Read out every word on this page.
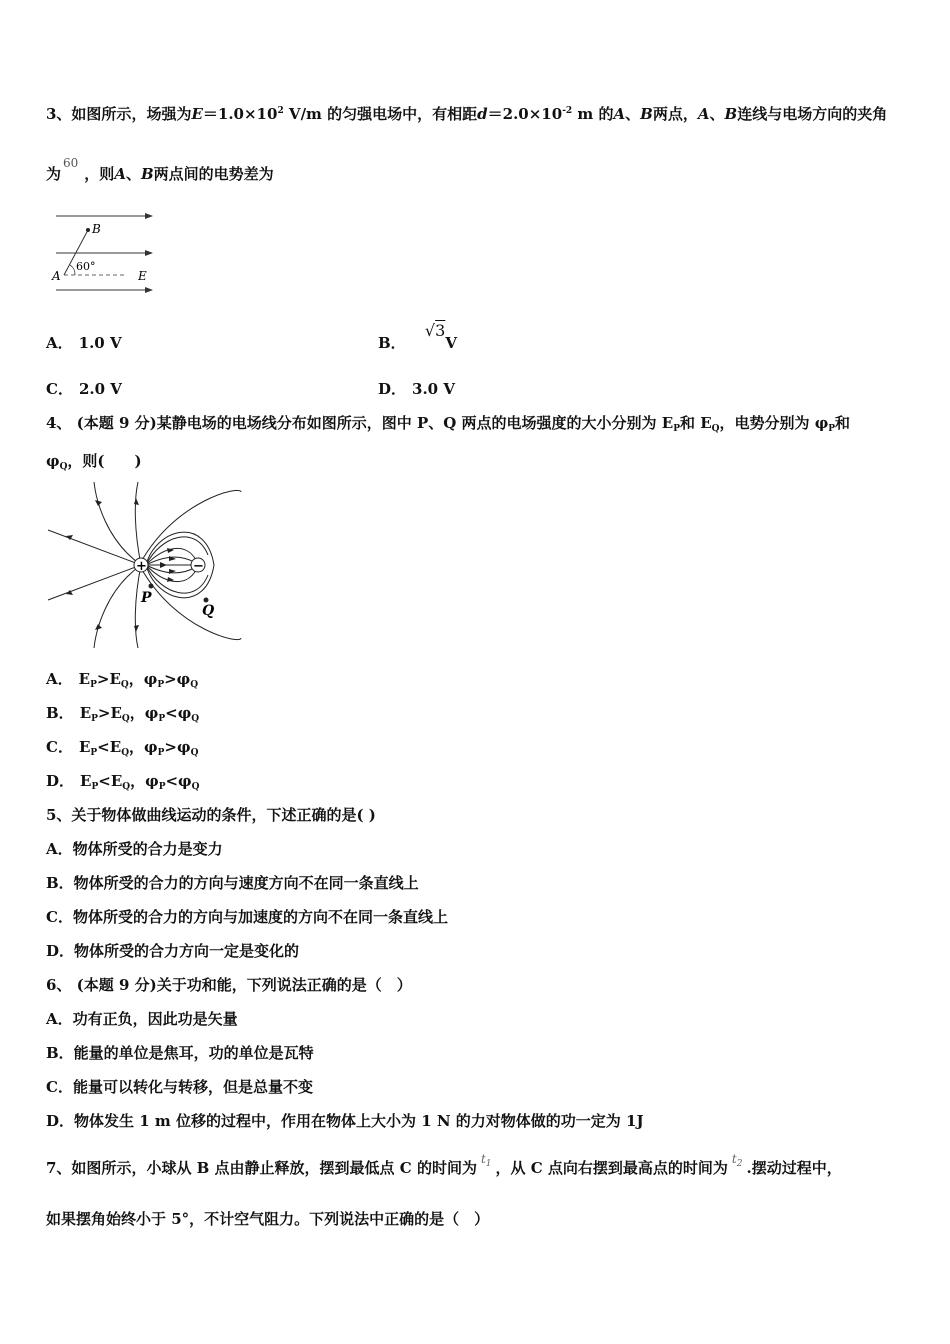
3、如图所示，场强为$E=1.0\times 10^2$ V/m 的匀强电场中，有相距$d=2.0\times 10^{-2}$ m 的A、B两点，A、B连线与电场方向的夹角
为$^{60}$，则A、B两点间的电势差为
B
A	E
60°
A． 1.0 V	B． √3V
C． 2.0 V	D． 3.0 V
4、 (本题 9 分)某静电场的电场线分布如图所示，图中 P、Q 两点的电场强度的大小分别为 $E_P$和 $E_Q$，电势分别为 $\varphi_P$和
$\varphi_Q$，则(　　)
+	−
P
Q
A． $E_P>E_Q$，$\varphi_P>\varphi_Q$
B． $E_P>E_Q$，$\varphi_P<\varphi_Q$
C． $E_P<E_Q$，$\varphi_P>\varphi_Q$
D． $E_P<E_Q$，$\varphi_P<\varphi_Q$
5、关于物体做曲线运动的条件，下述正确的是( )
A．物体所受的合力是变力
B．物体所受的合力的方向与速度方向不在同一条直线上
C．物体所受的合力的方向与加速度的方向不在同一条直线上
D．物体所受的合力方向一定是变化的
6、 (本题 9 分)关于功和能，下列说法正确的是（　）
A．功有正负，因此功是矢量
B．能量的单位是焦耳，功的单位是瓦特
C．能量可以转化与转移，但是总量不变
D．物体发生 1 m 位移的过程中，作用在物体上大小为 1 N 的力对物体做的功一定为 1J
7、如图所示，小球从 B 点由静止释放，摆到最低点 C 的时间为 $^{t_1}$ ，从 C 点向右摆到最高点的时间为 $^{t_2}$ .摆动过程中，
如果摆角始终小于 5°，不计空气阻力。下列说法中正确的是（　）
